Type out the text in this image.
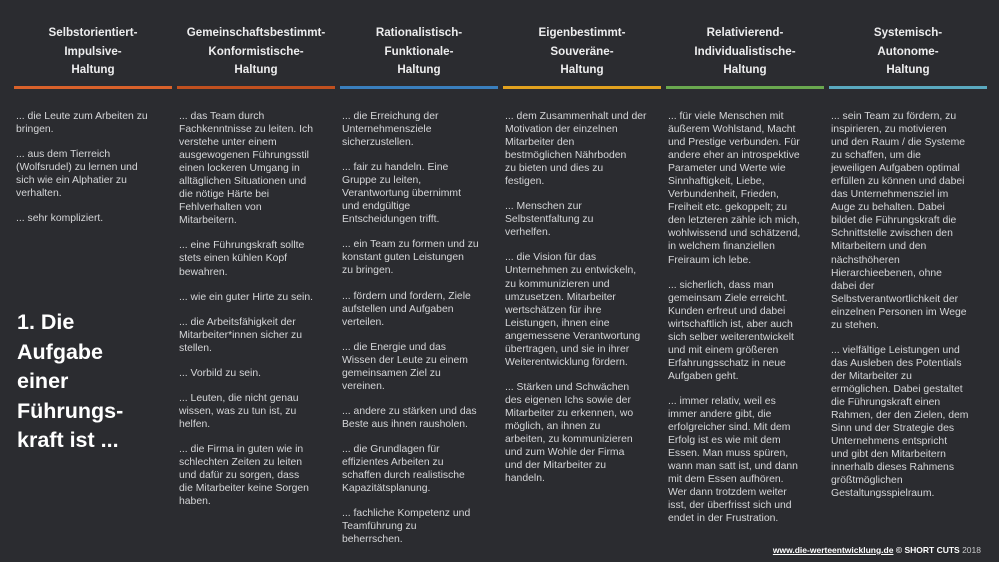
Selbstorientiert-
Impulsive-
Haltung

... die Leute zum Arbeiten zu
bringen.

... aus dem Tierreich
(Wolfsrudel) zu lernen und
sich wie ein Alphatier zu
verhalten.

... sehr kompliziert.

1. Die
Aufgabe
einer
Führungs-
kraft ist ...
Gemeinschaftsbestimmt-
Konformistische-
Haltung

... das Team durch
Fachkenntnisse zu leiten. Ich
verstehe unter einem
ausgewogenen Führungsstil
einen lockeren Umgang in
alltäglichen Situationen und
die nötige Härte bei
Fehlverhalten von
Mitarbeitern.

... eine Führungskraft sollte
stets einen kühlen Kopf
bewahren.

... wie ein guter Hirte zu sein.

... die Arbeitsfähigkeit der
Mitarbeiter*innen sicher zu
stellen.

... Vorbild zu sein.

... Leuten, die nicht genau
wissen, was zu tun ist, zu
helfen.

... die Firma in guten wie in
schlechten Zeiten zu leiten
und dafür zu sorgen, dass
die Mitarbeiter keine Sorgen
haben.

Rationalistisch-
Funktionale-
Haltung

... die Erreichung der
Unternehmensziele
sicherzustellen.

... fair zu handeln. Eine
Gruppe zu leiten,
Verantwortung übernimmt
und endgültige
Entscheidungen trifft.

... ein Team zu formen und zu
konstant guten Leistungen
zu bringen.

... fördern und fordern, Ziele
aufstellen und Aufgaben
verteilen.

... die Energie und das
Wissen der Leute zu einem
gemeinsamen Ziel zu
vereinen.

... andere zu stärken und das
Beste aus ihnen rausholen.

... die Grundlagen für
effizientes Arbeiten zu
schaffen durch realistische
Kapazitätsplanung.

... fachliche Kompetenz und
Teamführung zu
beherrschen.

Eigenbestimmt-
Souveräne-
Haltung

... dem Zusammenhalt und der
Motivation der einzelnen
Mitarbeiter den
bestmöglichen Nährboden
zu bieten und dies zu
festigen.

... Menschen zur
Selbstentfaltung zu
verhelfen.

... die Vision für das
Unternehmen zu entwickeln,
zu kommunizieren und
umzusetzen. Mitarbeiter
wertschätzen für ihre
Leistungen, ihnen eine
angemessene Verantwortung
übertragen, und sie in ihrer
Weiterentwicklung fördern.

... Stärken und Schwächen
des eigenen Ichs sowie der
Mitarbeiter zu erkennen, wo
möglich, an ihnen zu
arbeiten, zu kommunizieren
und zum Wohle der Firma
und der Mitarbeiter zu
handeln.

Relativierend-
Individualistische-
Haltung

... für viele Menschen mit
äußerem Wohlstand, Macht
und Prestige verbunden. Für
andere eher an introspektive
Parameter und Werte wie
Sinnhaftigkeit, Liebe,
Verbundenheit, Frieden,
Freiheit etc. gekoppelt; zu
den letzteren zähle ich mich,
wohlwissend und schätzend,
in welchem finanziellen
Freiraum ich lebe.

... sicherlich, dass man
gemeinsam Ziele erreicht.
Kunden erfreut und dabei
wirtschaftlich ist, aber auch
sich selber weiterentwickelt
und mit einem größeren
Erfahrungsschatz in neue
Aufgaben geht.

... immer relativ, weil es
immer andere gibt, die
erfolgreicher sind. Mit dem
Erfolg ist es wie mit dem
Essen. Man muss spüren,
wann man satt ist, und dann
mit dem Essen aufhören.
Wer dann trotzdem weiter
isst, der überfrisst sich und
endet in der Frustration.

Systemisch-
Autonome-
Haltung

... sein Team zu fördern, zu
inspirieren, zu motivieren
und den Raum / die Systeme
zu schaffen, um die
jeweiligen Aufgaben optimal
erfüllen zu können und dabei
das Unternehmensziel im
Auge zu behalten. Dabei
bildet die Führungskraft die
Schnittstelle zwischen den
Mitarbeitern und den
nächsthöheren
Hierarchieebenen, ohne
dabei der
Selbstverantwortlichkeit der
einzelnen Personen im Wege
zu stehen.

... vielfältige Leistungen und
das Ausleben des Potentials
der Mitarbeiter zu
ermöglichen. Dabei gestaltet
die Führungskraft einen
Rahmen, der den Zielen, dem
Sinn und der Strategie des
Unternehmens entspricht
und gibt den Mitarbeitern
innerhalb dieses Rahmens
größtmöglichen
Gestaltungsspielraum.

www.die-werteentwicklung.de © SHORT CUTS 2018
